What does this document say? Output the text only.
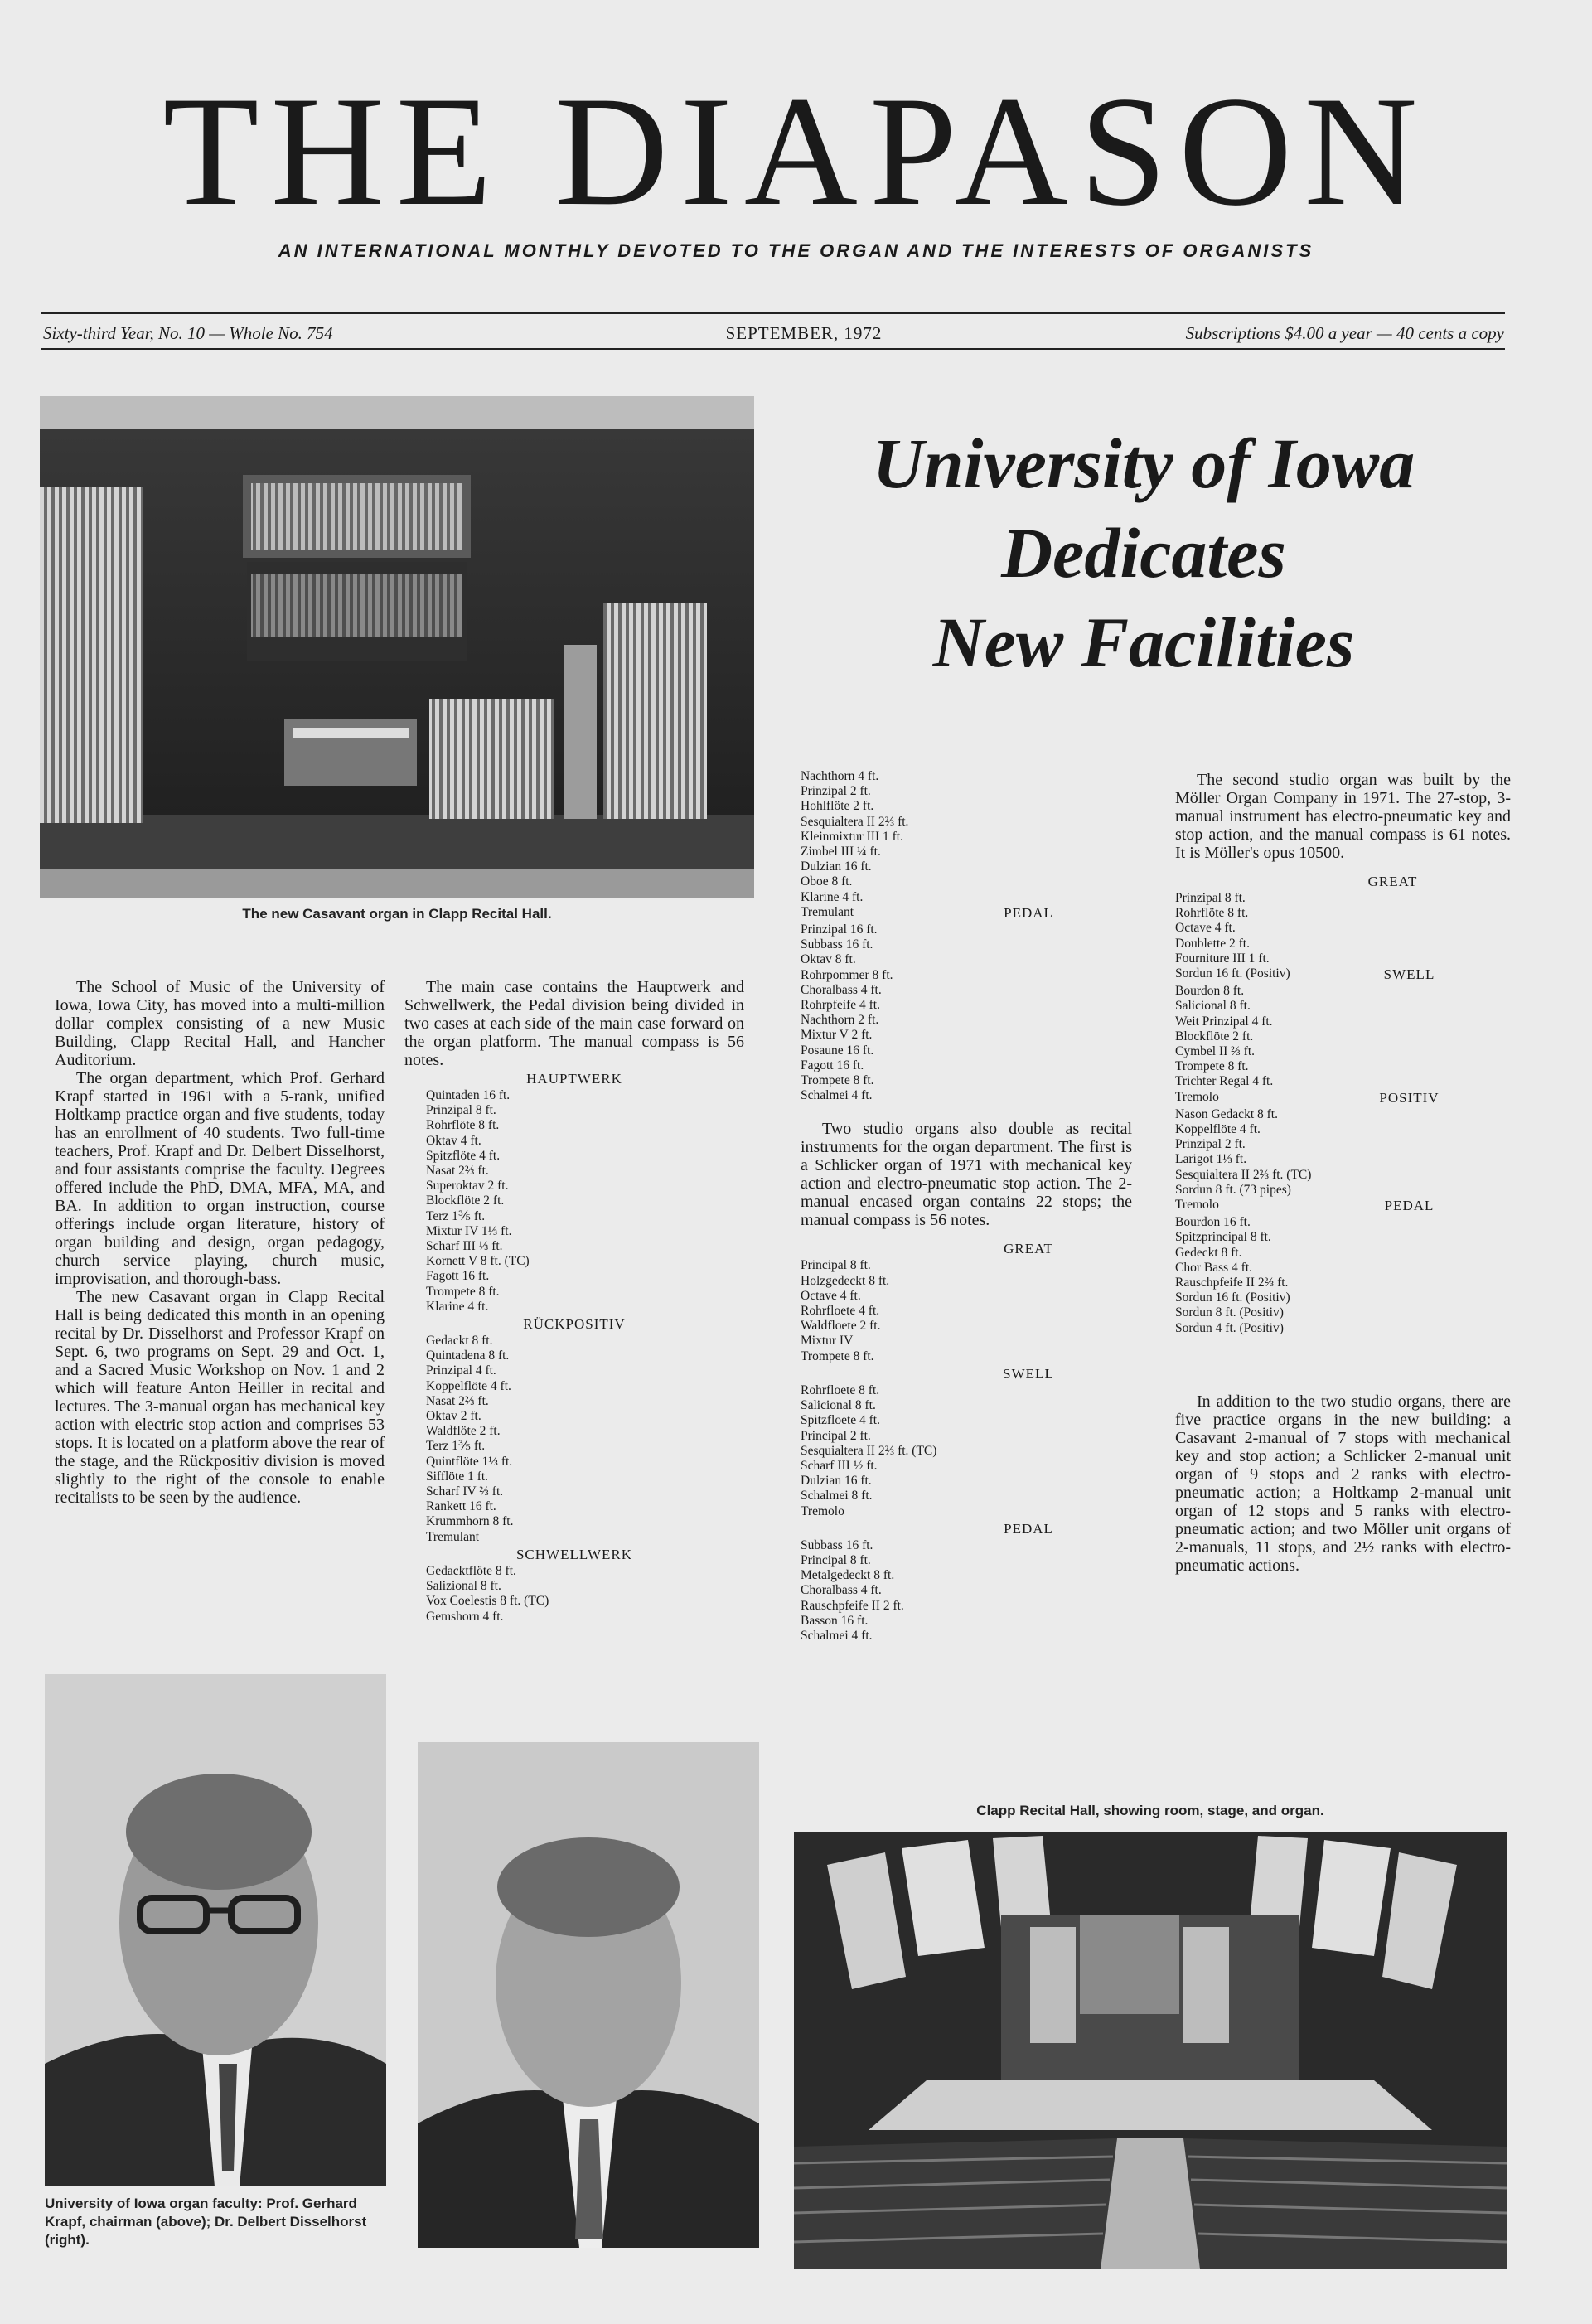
THE DIAPASON
AN INTERNATIONAL MONTHLY DEVOTED TO THE ORGAN AND THE INTERESTS OF ORGANISTS
Sixty-third Year, No. 10 — Whole No. 754	SEPTEMBER, 1972	Subscriptions $4.00 a year — 40 cents a copy
The new Casavant organ in Clapp Recital Hall.
University of Iowa
Dedicates
New Facilities

The School of Music of the University of Iowa, Iowa City, has moved into a multi-million dollar complex consisting of a new Music Building, Clapp Recital Hall, and Hancher Auditorium.

The organ department, which Prof. Gerhard Krapf started in 1961 with a 5-rank, unified Holtkamp practice organ and five students, today has an enrollment of 40 students. Two full-time teachers, Prof. Krapf and Dr. Delbert Disselhorst, and four assistants comprise the faculty. Degrees offered include the PhD, DMA, MFA, MA, and BA. In addition to organ instruction, course offerings include organ literature, history of organ building and design, organ pedagogy, church service playing, church music, improvisation, and thorough-bass.

The new Casavant organ in Clapp Recital Hall is being dedicated this month in an opening recital by Dr. Disselhorst and Professor Krapf on Sept. 6, two programs on Sept. 29 and Oct. 1, and a Sacred Music Workshop on Nov. 1 and 2 which will feature Anton Heiller in recital and lectures. The 3-manual organ has mechanical key action with electric stop action and comprises 53 stops. It is located on a platform above the rear of the stage, and the Rückpositiv division is moved slightly to the right of the console to enable recitalists to be seen by the audience.

The main case contains the Hauptwerk and Schwellwerk, the Pedal division being divided in two cases at each side of the main case forward on the organ platform. The manual compass is 56 notes.

HAUPTWERK
Quintaden 16 ft.
Prinzipal 8 ft.
Rohrflöte 8 ft.
Oktav 4 ft.
Spitzflöte 4 ft.
Nasat 2⅔ ft.
Superoktav 2 ft.
Blockflöte 2 ft.
Terz 1⅗ ft.
Mixtur IV 1⅓ ft.
Scharf III ⅓ ft.
Kornett V 8 ft. (TC)
Fagott 16 ft.
Trompete 8 ft.
Klarine 4 ft.
RÜCKPOSITIV
Gedackt 8 ft.
Quintadena 8 ft.
Prinzipal 4 ft.
Koppelflöte 4 ft.
Nasat 2⅔ ft.
Oktav 2 ft.
Waldflöte 2 ft.
Terz 1⅗ ft.
Quintflöte 1⅓ ft.
Sifflöte 1 ft.
Scharf IV ⅔ ft.
Rankett 16 ft.
Krummhorn 8 ft.
Tremulant
SCHWELLWERK
Gedacktflöte 8 ft.
Salizional 8 ft.
Vox Coelestis 8 ft. (TC)
Gemshorn 4 ft.
Nachthorn 4 ft.
Prinzipal 2 ft.
Hohlflöte 2 ft.
Sesquialtera II 2⅔ ft.
Kleinmixtur III 1 ft.
Zimbel III ¼ ft.
Dulzian 16 ft.
Oboe 8 ft.
Klarine 4 ft.
Tremulant	PEDAL
Prinzipal 16 ft.
Subbass 16 ft.
Oktav 8 ft.
Rohrpommer 8 ft.
Choralbass 4 ft.
Rohrpfeife 4 ft.
Nachthorn 2 ft.
Mixtur V 2 ft.
Posaune 16 ft.
Fagott 16 ft.
Trompete 8 ft.
Schalmei 4 ft.

Two studio organs also double as recital instruments for the organ department. The first is a Schlicker organ of 1971 with mechanical key action and electro-pneumatic stop action. The 2-manual encased organ contains 22 stops; the manual compass is 56 notes.

GREAT
Principal 8 ft.
Holzgedeckt 8 ft.
Octave 4 ft.
Rohrfloete 4 ft.
Waldfloete 2 ft.
Mixtur IV
Trompete 8 ft.
SWELL
Rohrfloete 8 ft.
Salicional 8 ft.
Spitzfloete 4 ft.
Principal 2 ft.
Sesquialtera II 2⅔ ft. (TC)
Scharf III ½ ft.
Dulzian 16 ft.
Schalmei 8 ft.
Tremolo
PEDAL
Subbass 16 ft.
Principal 8 ft.
Metalgedeckt 8 ft.
Choralbass 4 ft.
Rauschpfeife II 2 ft.
Basson 16 ft.
Schalmei 4 ft.

The second studio organ was built by the Möller Organ Company in 1971. The 27-stop, 3-manual instrument has electro-pneumatic key and stop action, and the manual compass is 61 notes. It is Möller's opus 10500.

GREAT
Prinzipal 8 ft.
Rohrflöte 8 ft.
Octave 4 ft.
Doublette 2 ft.
Fourniture III 1 ft.
Sordun 16 ft. (Positiv)	SWELL
Bourdon 8 ft.
Salicional 8 ft.
Weit Prinzipal 4 ft.
Blockflöte 2 ft.
Cymbel II ⅔ ft.
Trompete 8 ft.
Trichter Regal 4 ft.
Tremolo	POSITIV
Nason Gedackt 8 ft.
Koppelflöte 4 ft.
Prinzipal 2 ft.
Larigot 1⅓ ft.
Sesquialtera II 2⅔ ft. (TC)
Sordun 8 ft. (73 pipes)
Tremolo	PEDAL
Bourdon 16 ft.
Spitzprincipal 8 ft.
Gedeckt 8 ft.
Chor Bass 4 ft.
Rauschpfeife II 2⅔ ft.
Sordun 16 ft. (Positiv)
Sordun 8 ft. (Positiv)
Sordun 4 ft. (Positiv)

In addition to the two studio organs, there are five practice organs in the new building: a Casavant 2-manual of 7 stops with mechanical key and stop action; a Schlicker 2-manual unit organ of 9 stops and 2 ranks with electro-pneumatic action; a Holtkamp 2-manual unit organ of 12 stops and 5 ranks with electro-pneumatic action; and two Möller unit organs of 2-manuals, 11 stops, and 2½ ranks with electro-pneumatic actions.

University of Iowa organ faculty: Prof. Gerhard Krapf, chairman (above); Dr. Delbert Disselhorst (right).
Clapp Recital Hall, showing room, stage, and organ.
